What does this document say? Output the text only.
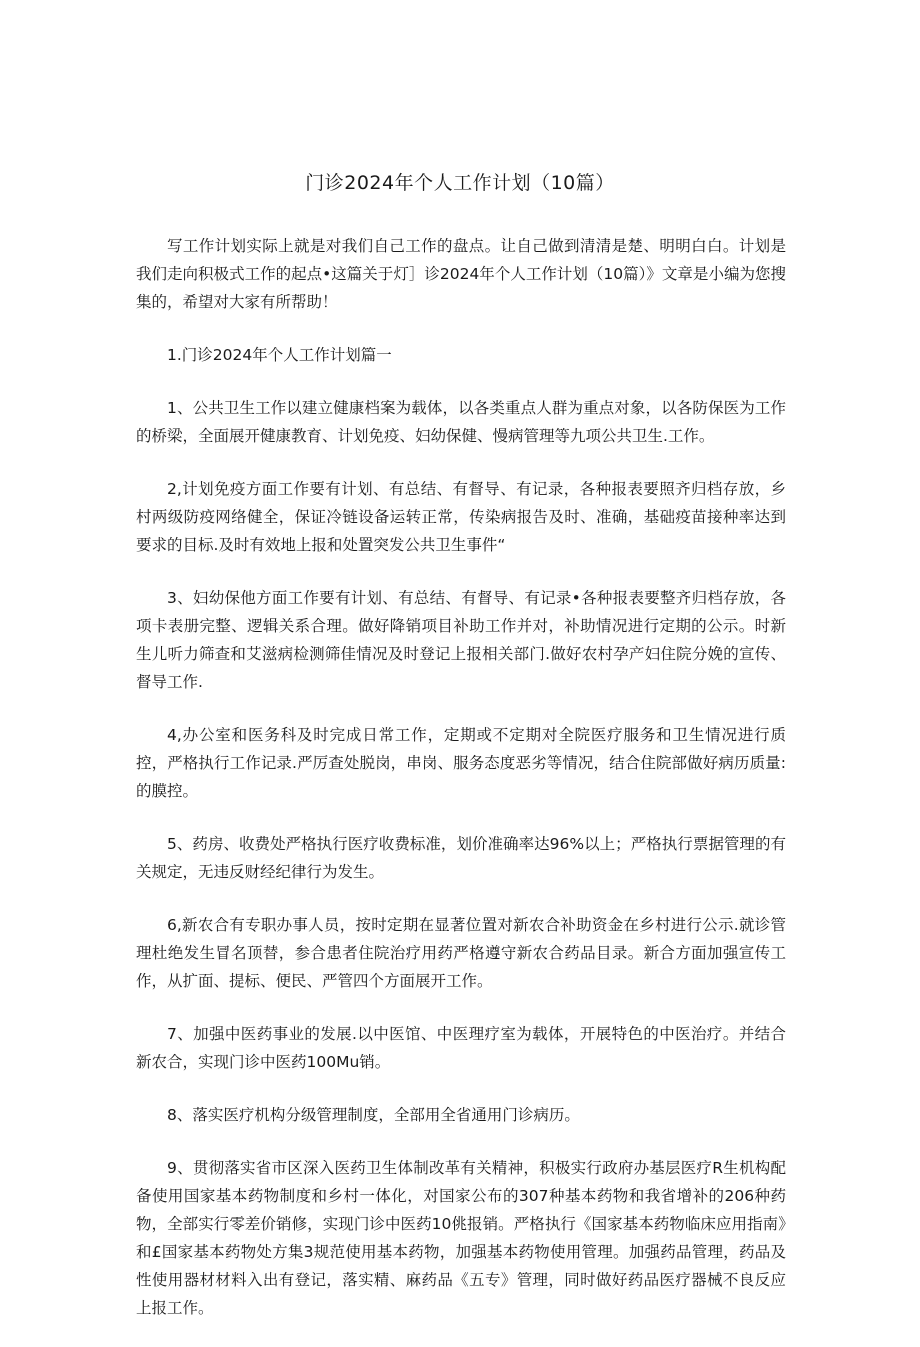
门诊2024年个人工作计划（10篇）

写工作计划实际上就是对我们自己工作的盘点。让自己做到清清是楚、明明白白。计划是我们走向积极式工作的起点•这篇关于灯］诊2024年个人工作计划（10篇）》文章是小编为您搜集的，希望对大家有所帮助！

1.门诊2024年个人工作计划篇一

1、公共卫生工作以建立健康档案为载体，以各类重点人群为重点对象，以各防保医为工作的桥梁，全面展开健康教育、计划免疫、妇幼保健、慢病管理等九项公共卫生.工作。

2,计划免疫方面工作要有计划、有总结、有督导、有记录，各种报表要照齐归档存放，乡村两级防疫网络健全，保证冷链设备运转正常，传染病报告及时、准确，基础疫苗接种率达到要求的目标.及时有效地上报和处置突发公共卫生事件“

3、妇幼保他方面工作要有计划、有总结、有督导、有记录•各种报表要整齐归档存放，各项卡表册完整、逻辑关系合理。做好降销项目补助工作并对，补助情况进行定期的公示。时新生儿听力筛查和艾滋病检测筛佳情况及时登记上报相关部门.做好农村孕产妇住院分娩的宣传、督导工作.

4,办公室和医务科及时完成日常工作，定期或不定期对全院医疗服务和卫生情况进行质控，严格执行工作记录.严厉查处脱岗，串岗、服务态度恶劣等情况，结合住院部做好病历质量:的膜控。

5、药房、收费处严格执行医疗收费标准，划价准确率达96%以上；严格执行票据管理的有关规定，无违反财经纪律行为发生。

6,新农合有专职办事人员，按时定期在显著位置对新农合补助资金在乡村进行公示.就诊管理杜绝发生冒名顶替，参合患者住院治疗用药严格遵守新农合药品目录。新合方面加强宣传工作，从扩面、提标、便民、严管四个方面展开工作。

7、加强中医药事业的发展.以中医馆、中医理疗室为载体，开展特色的中医治疗。并结合新农合，实现门诊中医药100Mu销。

8、落实医疗机构分级管理制度，全部用全省通用门诊病历。

9、贯彻落实省市区深入医药卫生体制改革有关精神，积极实行政府办基层医疗R生机构配备使用国家基本药物制度和乡村一体化，对国家公布的307种基本药物和我省增补的206种药物，全部实行零差价销修，实现门诊中医药10佻报销。严格执行《国家基本药物临床应用指南》和£国家基本药物处方集3规范使用基本药物，加强基本药物使用管理。加强药品管理，药品及性使用器材材料入出有登记，落实精、麻药品《五专》管理，同时做好药品医疗器械不良反应上报工作。
